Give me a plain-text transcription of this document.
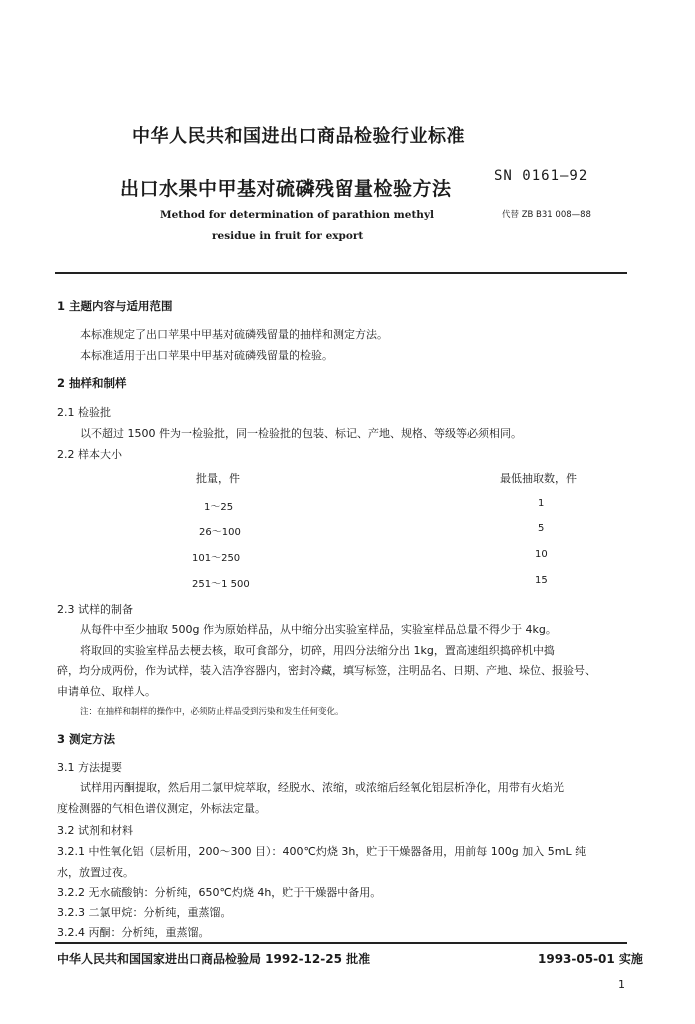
中华人民共和国进出口商品检验行业标准
出口水果中甲基对硫磷残留量检验方法
SN 0161—92
Method for determination of parathion methyl
residue in fruit for export
代替 ZB B31 008—88
1 主题内容与适用范围
本标准规定了出口苹果中甲基对硫磷残留量的抽样和测定方法。
本标准适用于出口苹果中甲基对硫磷残留量的检验。
2 抽样和制样
2.1 检验批
以不超过 1500 件为一检验批，同一检验批的包装、标记、产地、规格、等级等必须相同。
2.2 样本大小
批量，件	最低抽取数，件
1～25	1
26～100	5
101～250	10
251～1 500	15
2.3 试样的制备
从每件中至少抽取 500g 作为原始样品，从中缩分出实验室样品，实验室样品总量不得少于 4kg。
将取回的实验室样品去梗去核，取可食部分，切碎，用四分法缩分出 1kg，置高速组织捣碎机中捣
碎，均分成两份，作为试样，装入洁净容器内，密封冷藏，填写标签，注明品名、日期、产地、垛位、报验号、
申请单位、取样人。
注：在抽样和制样的操作中，必须防止样品受到污染和发生任何变化。
3 测定方法
3.1 方法提要
试样用丙酮提取，然后用二氯甲烷萃取，经脱水、浓缩，或浓缩后经氧化铝层析净化，用带有火焰光
度检测器的气相色谱仪测定，外标法定量。
3.2 试剂和材料
3.2.1 中性氧化铝（层析用，200～300 目）：400℃灼烧 3h，贮于干燥器备用，用前每 100g 加入 5mL 纯
水，放置过夜。
3.2.2 无水硫酸钠：分析纯，650℃灼烧 4h，贮于干燥器中备用。
3.2.3 二氯甲烷：分析纯，重蒸馏。
3.2.4 丙酮：分析纯，重蒸馏。
中华人民共和国国家进出口商品检验局 1992-12-25 批准	1993-05-01 实施
1
